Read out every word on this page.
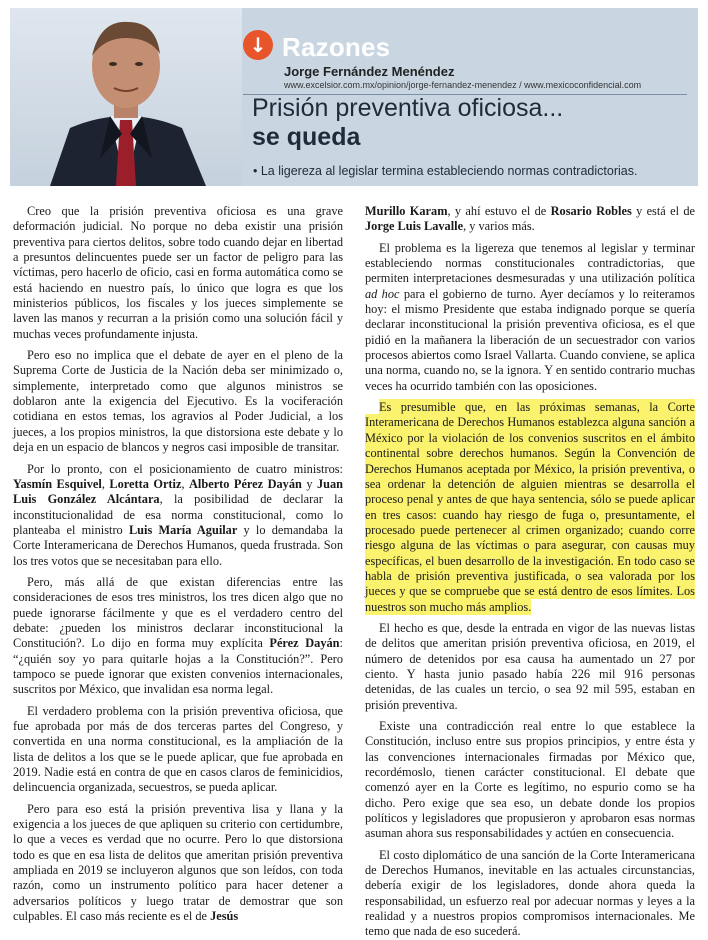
↓ Razones
Jorge Fernández Menéndez
www.excelsior.com.mx/opinion/jorge-fernandez-menendez / www.mexicoconfidencial.com
Prisión preventiva oficiosa...
se queda
• La ligereza al legislar termina estableciendo normas contradictorias.

Creo que la prisión preventiva oficiosa es una grave deformación judicial. No porque no deba existir una prisión preventiva para ciertos delitos, sobre todo cuando dejar en libertad a presuntos delincuentes puede ser un factor de peligro para las víctimas, pero hacerlo de oficio, casi en forma automática como se está haciendo en nuestro país, lo único que logra es que los ministerios públicos, los fiscales y los jueces simplemente se laven las manos y recurran a la prisión como una solución fácil y muchas veces profundamente injusta.

Pero eso no implica que el debate de ayer en el pleno de la Suprema Corte de Justicia de la Nación deba ser minimizado o, simplemente, interpretado como que algunos ministros se doblaron ante la exigencia del Ejecutivo. Es la vociferación cotidiana en estos temas, los agravios al Poder Judicial, a los jueces, a los propios ministros, la que distorsiona este debate y lo deja en un espacio de blancos y negros casi imposible de transitar.

Por lo pronto, con el posicionamiento de cuatro ministros: Yasmín Esquivel, Loretta Ortiz, Alberto Pérez Dayán y Juan Luis González Alcántara, la posibilidad de declarar la inconstitucionalidad de esa norma constitucional, como lo planteaba el ministro Luis María Aguilar y lo demandaba la Corte Interamericana de Derechos Humanos, queda frustrada. Son los tres votos que se necesitaban para ello.

Pero, más allá de que existan diferencias entre las consideraciones de esos tres ministros, los tres dicen algo que no puede ignorarse fácilmente y que es el verdadero centro del debate: ¿pueden los ministros declarar inconstitucional la Constitución?. Lo dijo en forma muy explícita Pérez Dayán: “¿quién soy yo para quitarle hojas a la Constitución?”. Pero tampoco se puede ignorar que existen convenios internacionales, suscritos por México, que invalidan esa norma legal.

El verdadero problema con la prisión preventiva oficiosa, que fue aprobada por más de dos terceras partes del Congreso, y convertida en una norma constitucional, es la ampliación de la lista de delitos a los que se le puede aplicar, que fue aprobada en 2019. Nadie está en contra de que en casos claros de feminicidios, delincuencia organizada, secuestros, se pueda aplicar.

Pero para eso está la prisión preventiva lisa y llana y la exigencia a los jueces de que apliquen su criterio con certidumbre, lo que a veces es verdad que no ocurre. Pero lo que distorsiona todo es que en esa lista de delitos que ameritan prisión preventiva ampliada en 2019 se incluyeron algunos que son leídos, con toda razón, como un instrumento político para hacer detener a adversarios políticos y luego tratar de demostrar que son culpables. El caso más reciente es el de Jesús

Murillo Karam, y ahí estuvo el de Rosario Robles y está el de Jorge Luis Lavalle, y varios más.

El problema es la ligereza que tenemos al legislar y terminar estableciendo normas constitucionales contradictorias, que permiten interpretaciones desmesuradas y una utilización política ad hoc para el gobierno de turno. Ayer decíamos y lo reiteramos hoy: el mismo Presidente que estaba indignado porque se quería declarar inconstitucional la prisión preventiva oficiosa, es el que pidió en la mañanera la liberación de un secuestrador con varios procesos abiertos como Israel Vallarta. Cuando conviene, se aplica una norma, cuando no, se la ignora. Y en sentido contrario muchas veces ha ocurrido también con las oposiciones.

Es presumible que, en las próximas semanas, la Corte Interamericana de Derechos Humanos establezca alguna sanción a México por la violación de los convenios suscritos en el ámbito continental sobre derechos humanos. Según la Convención de Derechos Humanos aceptada por México, la prisión preventiva, o sea ordenar la detención de alguien mientras se desarrolla el proceso penal y antes de que haya sentencia, sólo se puede aplicar en tres casos: cuando hay riesgo de fuga o, presuntamente, el procesado puede pertenecer al crimen organizado; cuando corre riesgo alguna de las víctimas o para asegurar, con causas muy específicas, el buen desarrollo de la investigación. En todo caso se habla de prisión preventiva justificada, o sea valorada por los jueces y que se compruebe que se está dentro de esos límites. Los nuestros son mucho más amplios.

El hecho es que, desde la entrada en vigor de las nuevas listas de delitos que ameritan prisión preventiva oficiosa, en 2019, el número de detenidos por esa causa ha aumentado un 27 por ciento. Y hasta junio pasado había 226 mil 916 personas detenidas, de las cuales un tercio, o sea 92 mil 595, estaban en prisión preventiva.

Existe una contradicción real entre lo que establece la Constitución, incluso entre sus propios principios, y entre ésta y las convenciones internacionales firmadas por México que, recordémoslo, tienen carácter constitucional. El debate que comenzó ayer en la Corte es legítimo, no espurio como se ha dicho. Pero exige que sea eso, un debate donde los propios políticos y legisladores que propusieron y aprobaron esas normas asuman ahora sus responsabilidades y actúen en consecuencia.

El costo diplomático de una sanción de la Corte Interamericana de Derechos Humanos, inevitable en las actuales circunstancias, debería exigir de los legisladores, donde ahora queda la responsabilidad, un esfuerzo real por adecuar normas y leyes a la realidad y a nuestros propios compromisos internacionales. Me temo que nada de eso sucederá.
